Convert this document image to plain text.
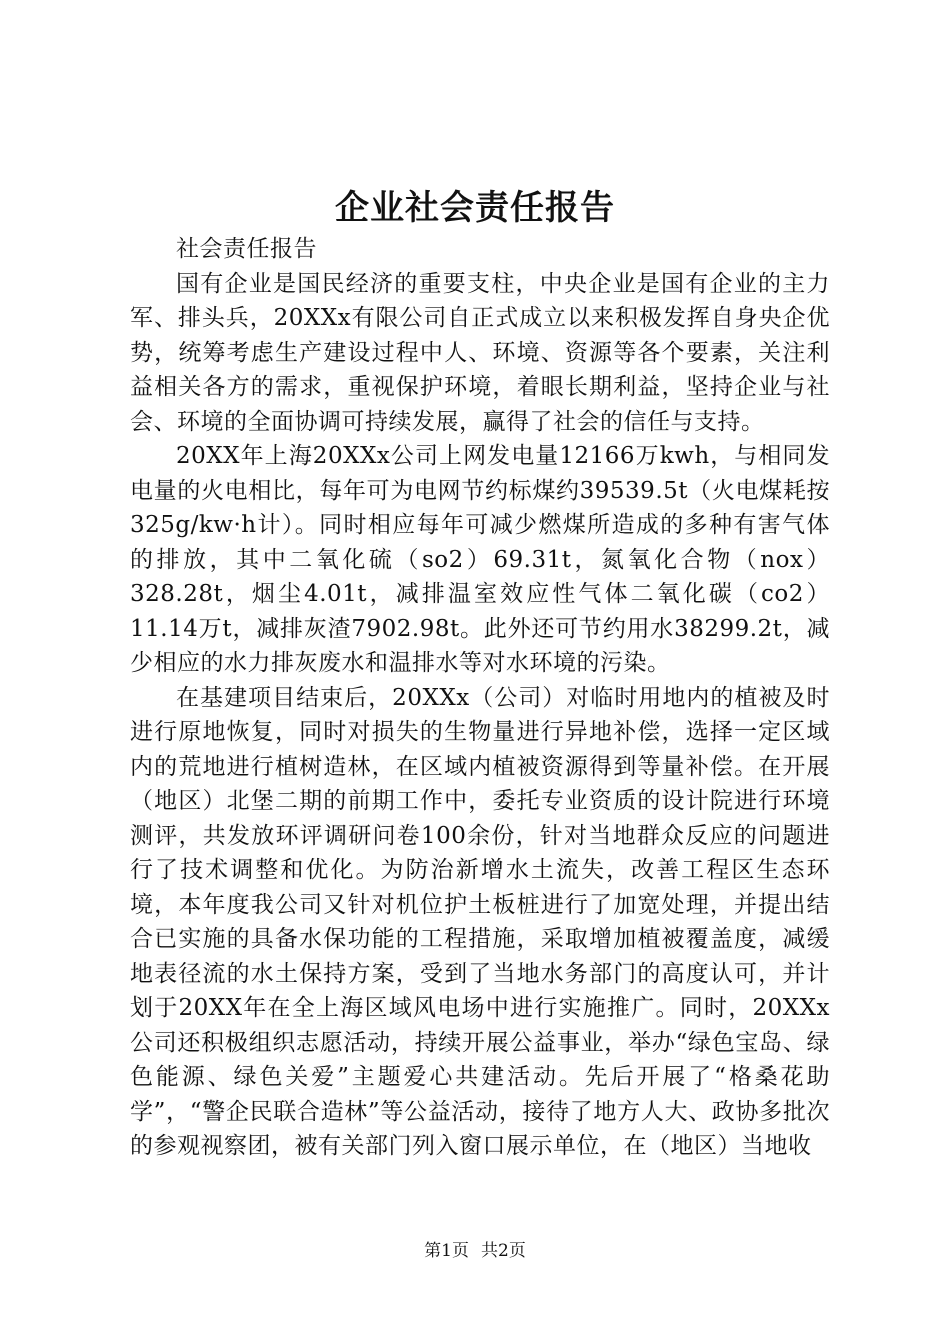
企业社会责任报告

社会责任报告

国有企业是国民经济的重要支柱，中央企业是国有企业的主力军、排头兵，20XXx有限公司自正式成立以来积极发挥自身央企优势，统筹考虑生产建设过程中人、环境、资源等各个要素，关注利益相关各方的需求，重视保护环境，着眼长期利益，坚持企业与社会、环境的全面协调可持续发展，赢得了社会的信任与支持。

20XX年上海20XXx公司上网发电量12166万kwh，与相同发电量的火电相比，每年可为电网节约标煤约39539.5t（火电煤耗按325g/kw·h计）。同时相应每年可减少燃煤所造成的多种有害气体的排放，其中二氧化硫（so2）69.31t，氮氧化合物（nox）328.28t，烟尘4.01t，减排温室效应性气体二氧化碳（co2）11.14万t，减排灰渣7902.98t。此外还可节约用水38299.2t，减少相应的水力排灰废水和温排水等对水环境的污染。

在基建项目结束后，20XXx（公司）对临时用地内的植被及时进行原地恢复，同时对损失的生物量进行异地补偿，选择一定区域内的荒地进行植树造林，在区域内植被资源得到等量补偿。在开展（地区）北堡二期的前期工作中，委托专业资质的设计院进行环境测评，共发放环评调研问卷100余份，针对当地群众反应的问题进行了技术调整和优化。为防治新增水土流失，改善工程区生态环境，本年度我公司又针对机位护土板桩进行了加宽处理，并提出结合已实施的具备水保功能的工程措施，采取增加植被覆盖度，减缓地表径流的水土保持方案，受到了当地水务部门的高度认可，并计划于20XX年在全上海区域风电场中进行实施推广。同时，20XXx公司还积极组织志愿活动，持续开展公益事业，举办“绿色宝岛、绿色能源、绿色关爱”主题爱心共建活动。先后开展了“格桑花助学”，“警企民联合造林”等公益活动，接待了地方人大、政协多批次的参观视察团，被有关部门列入窗口展示单位，在（地区）当地收

第1页 共2页
